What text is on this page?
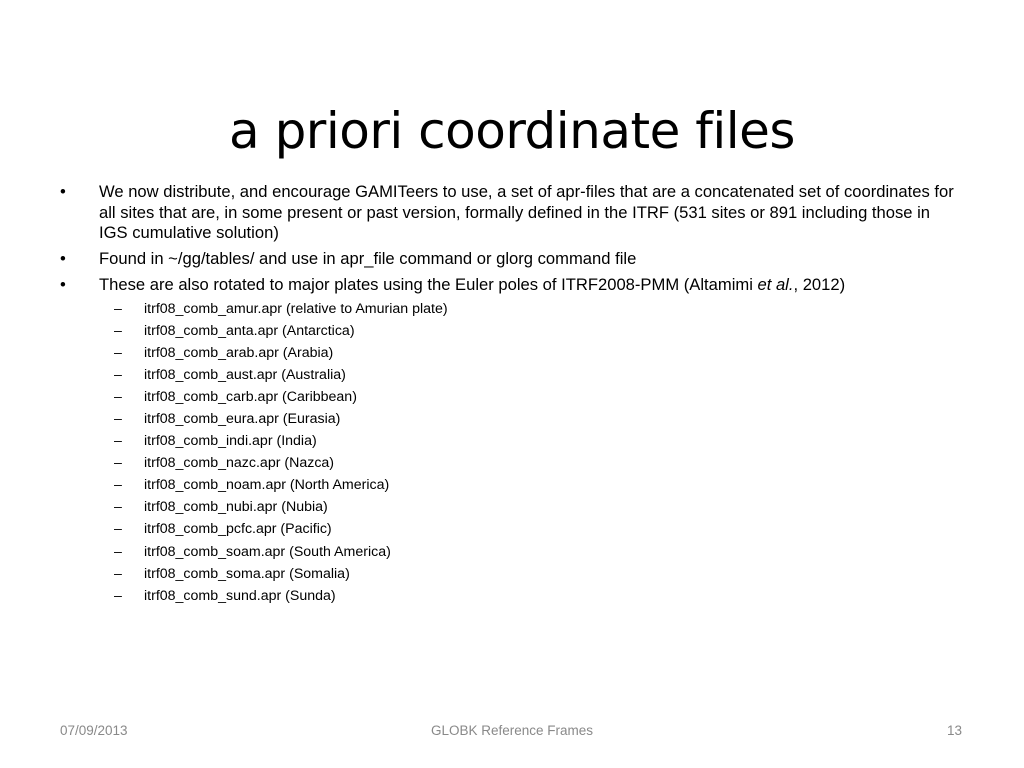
a priori coordinate files
•	We now distribute, and encourage GAMITeers to use, a set of apr-files that are a concatenated set of coordinates for all sites that are, in some present or past version, formally defined in the ITRF (531 sites or 891 including those in IGS cumulative solution)
•	Found in ~/gg/tables/ and use in apr_file command or glorg command file
•	These are also rotated to major plates using the Euler poles of ITRF2008-PMM (Altamimi et al., 2012)
– itrf08_comb_amur.apr (relative to Amurian plate)
– itrf08_comb_anta.apr (Antarctica)
– itrf08_comb_arab.apr (Arabia)
– itrf08_comb_aust.apr (Australia)
– itrf08_comb_carb.apr (Caribbean)
– itrf08_comb_eura.apr (Eurasia)
– itrf08_comb_indi.apr (India)
– itrf08_comb_nazc.apr (Nazca)
– itrf08_comb_noam.apr (North America)
– itrf08_comb_nubi.apr (Nubia)
– itrf08_comb_pcfc.apr (Pacific)
– itrf08_comb_soam.apr (South America)
– itrf08_comb_soma.apr (Somalia)
– itrf08_comb_sund.apr (Sunda)
07/09/2013	GLOBK Reference Frames	13
